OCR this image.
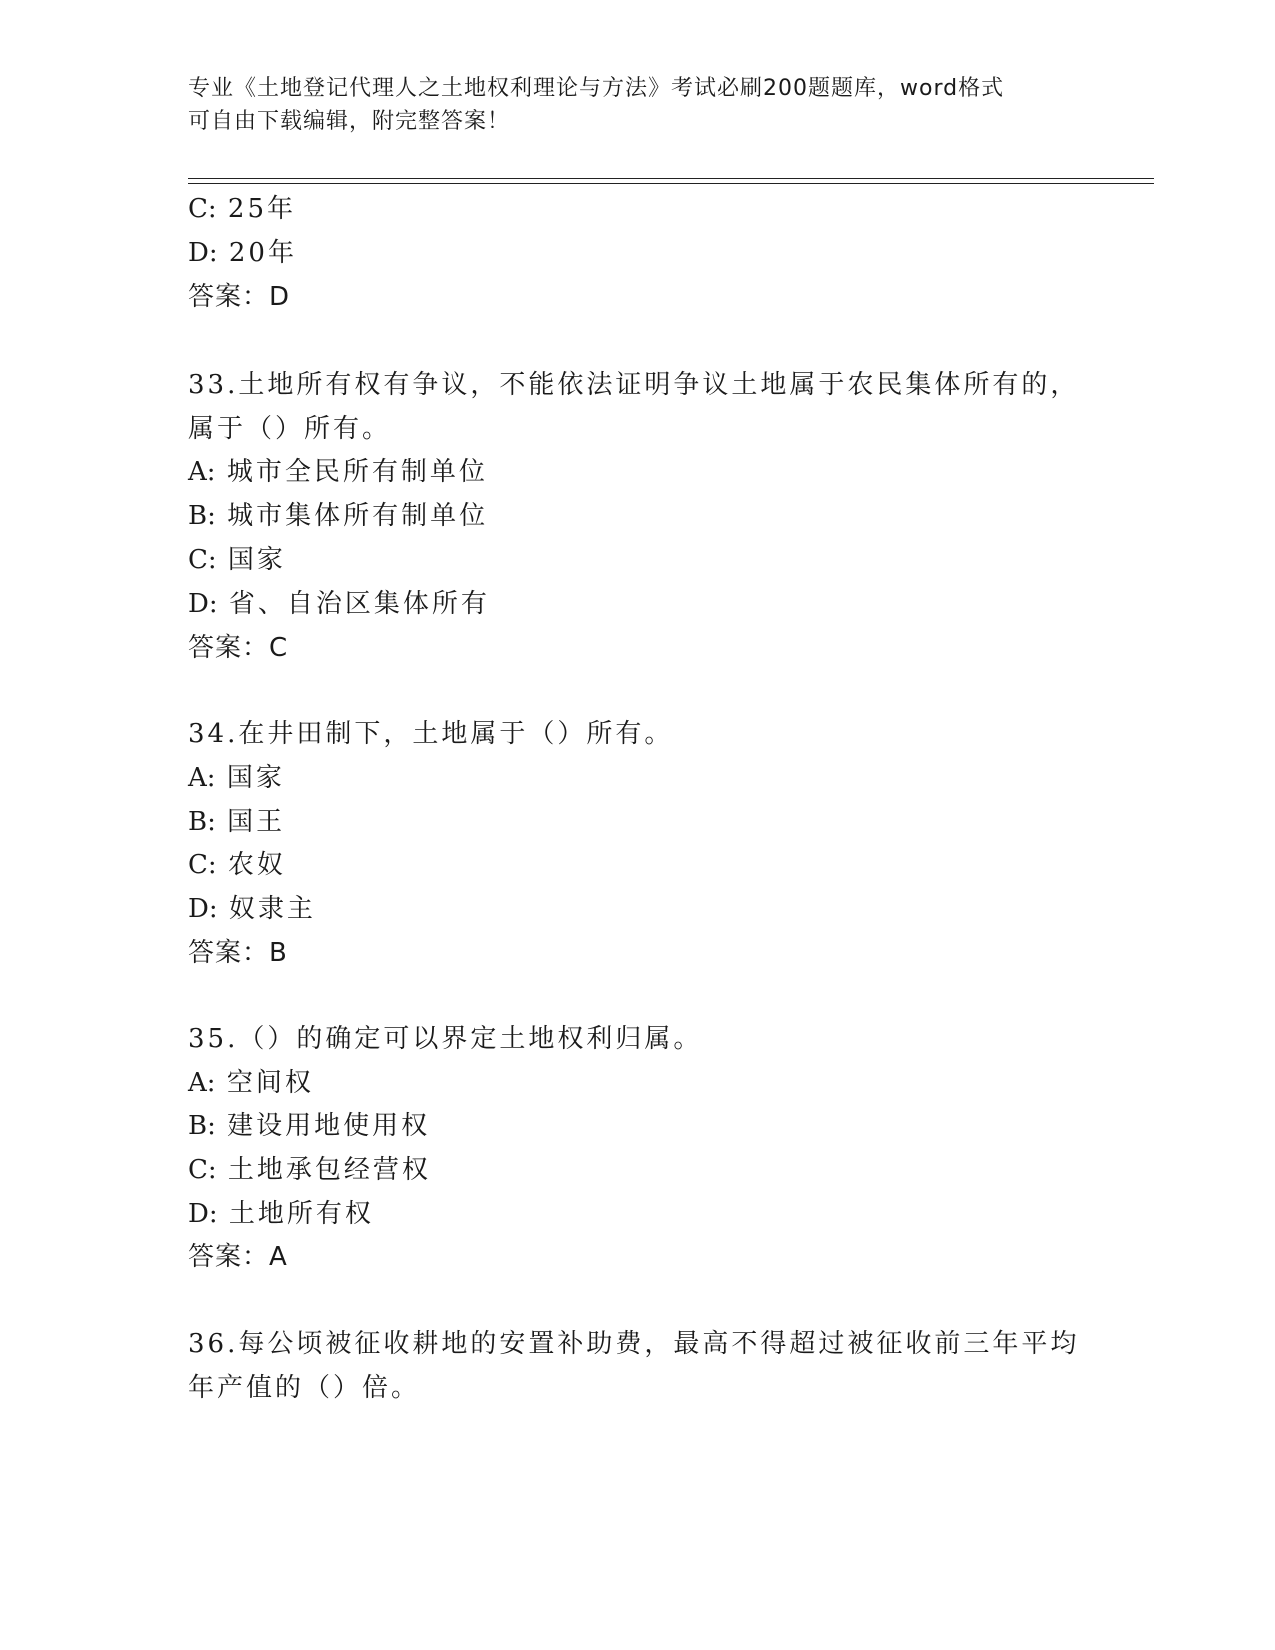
专业《土地登记代理人之土地权利理论与方法》考试必刷200题题库，word格式

可自由下载编辑，附完整答案！

C: 25年
D: 20年
答案：D
33.土地所有权有争议，不能依法证明争议土地属于农民集体所有的，
属于（）所有。
A: 城市全民所有制单位
B: 城市集体所有制单位
C: 国家
D: 省、自治区集体所有
答案：C
34.在井田制下，土地属于（）所有。
A: 国家
B: 国王
C: 农奴
D: 奴隶主
答案：B
35.（）的确定可以界定土地权利归属。
A: 空间权
B: 建设用地使用权
C: 土地承包经营权
D: 土地所有权
答案：A
36.每公顷被征收耕地的安置补助费，最高不得超过被征收前三年平均
年产值的（）倍。
